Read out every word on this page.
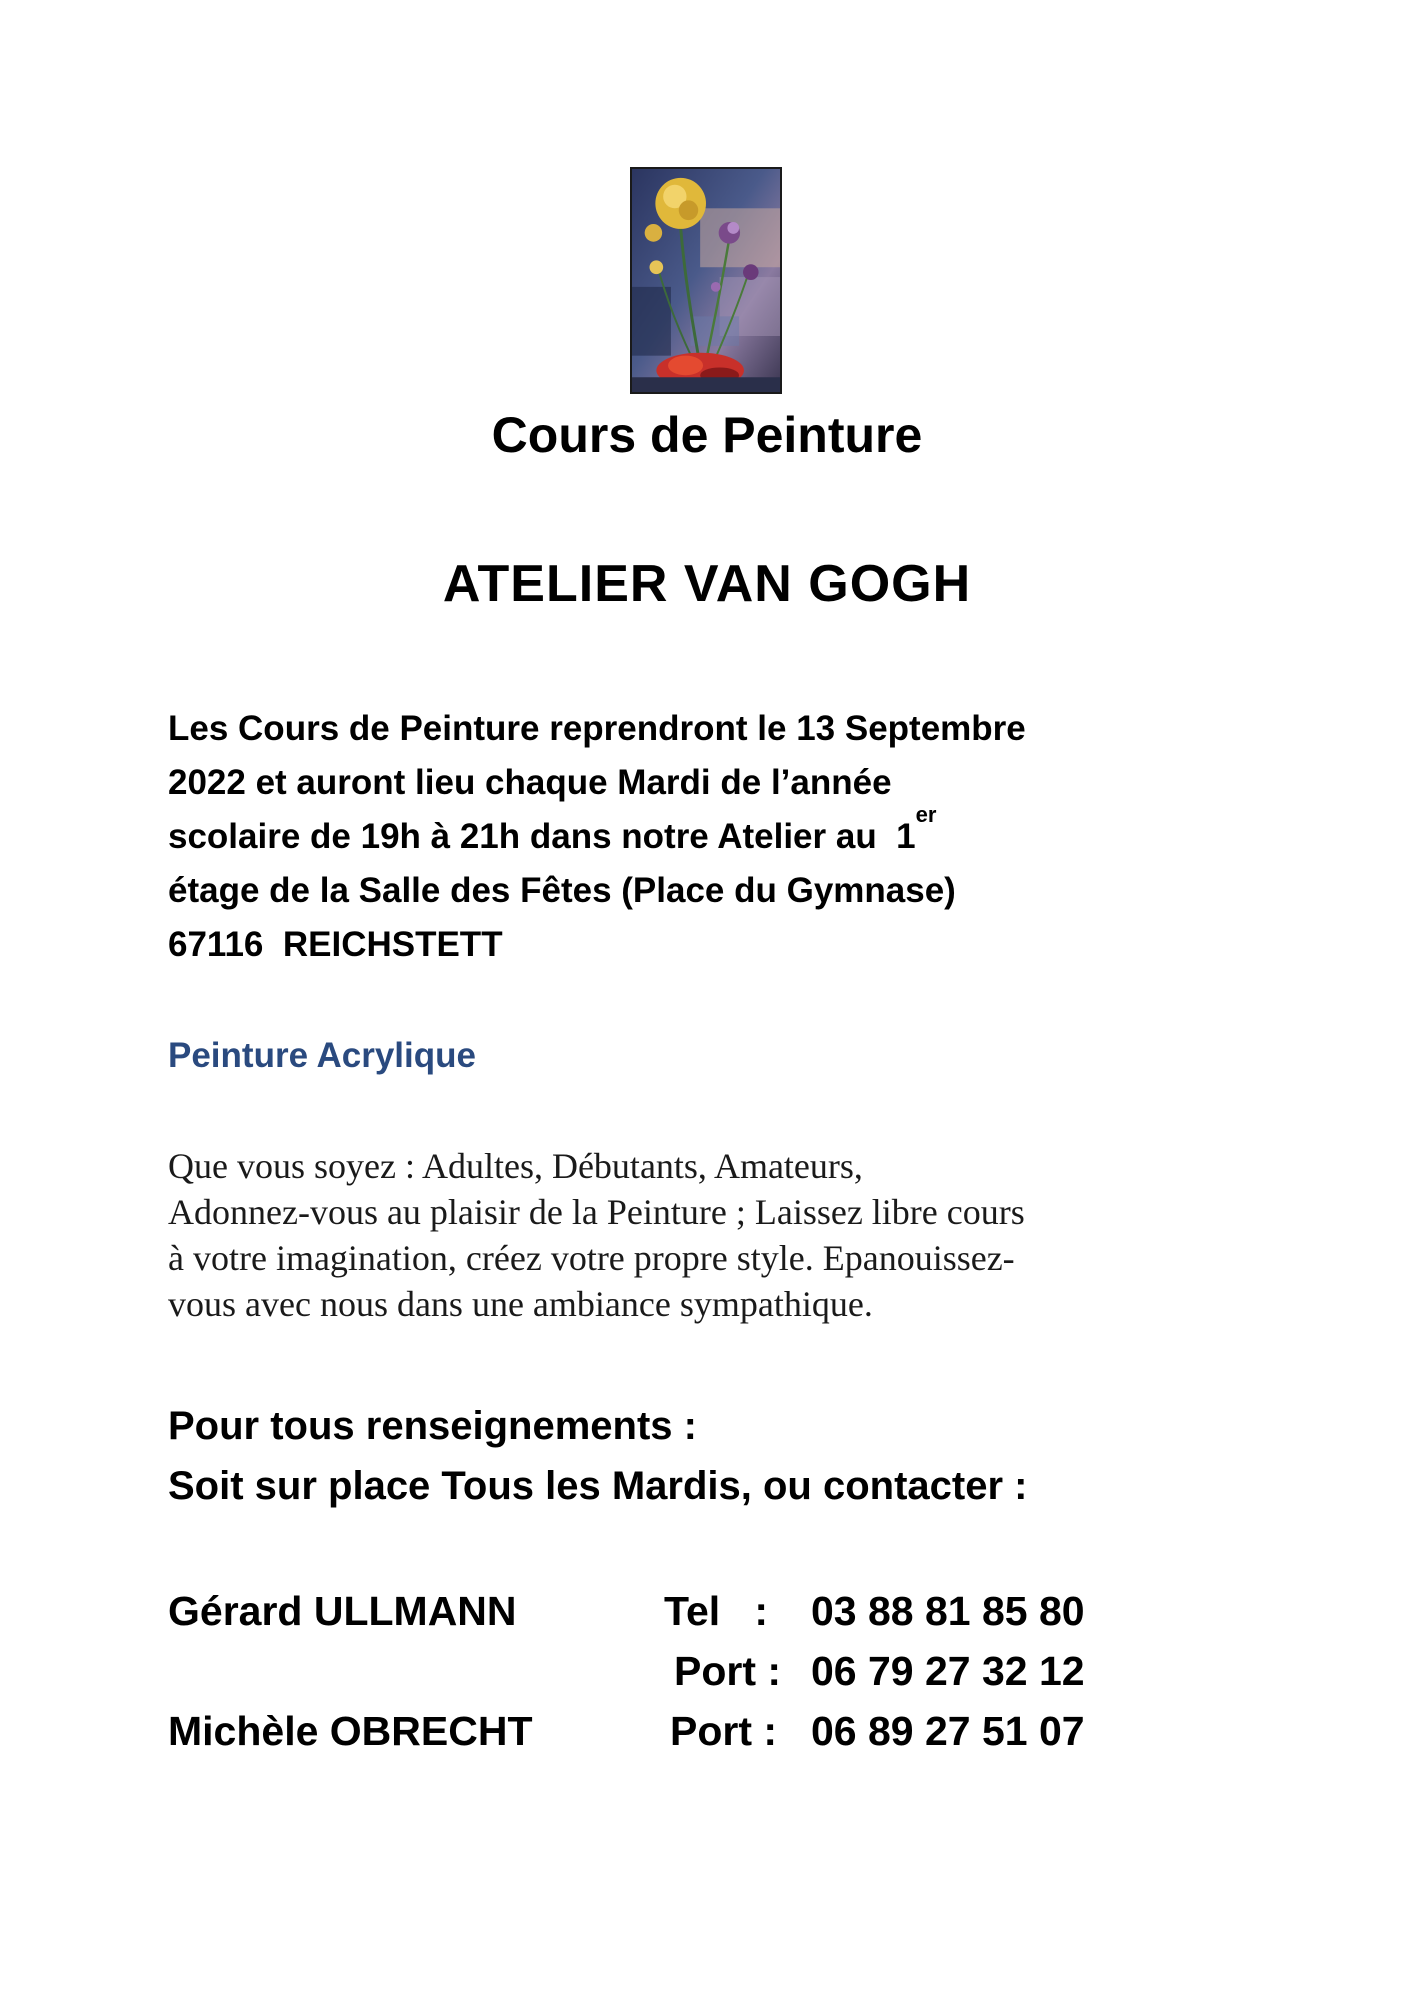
Cours de Peinture
ATELIER VAN GOGH
Les Cours de Peinture reprendront le 13 Septembre
2022 et auront lieu chaque Mardi de l’année
scolaire de 19h à 21h dans notre Atelier au  1er
étage de la Salle des Fêtes (Place du Gymnase)
67116  REICHSTETT
Peinture Acrylique
Que vous soyez : Adultes, Débutants, Amateurs,
Adonnez-vous au plaisir de la Peinture ; Laissez libre cours
à votre imagination, créez votre propre style. Epanouissez-
vous avec nous dans une ambiance sympathique.
Pour tous renseignements :
Soit sur place Tous les Mardis, ou contacter :
Gérard ULLMANN	Tel   : 03 88 81 85 80
Port : 06 79 27 32 12
Michèle OBRECHT	Port : 06 89 27 51 07
